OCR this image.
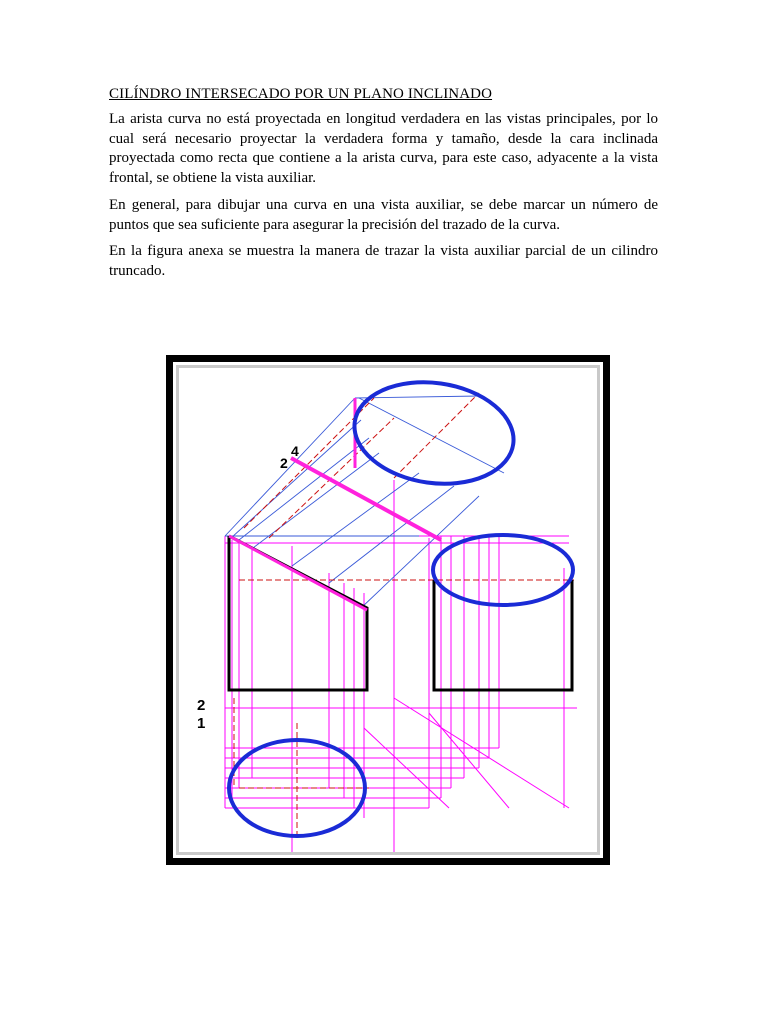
CILÍNDRO INTERSECADO POR UN PLANO INCLINADO

La arista curva no está proyectada en longitud verdadera en las vistas principales, por lo cual será necesario proyectar la verdadera forma y tamaño, desde la cara inclinada proyectada como recta que contiene a la arista curva, para este caso, adyacente a la vista frontal, se obtiene la vista auxiliar.

En general, para dibujar una curva en una vista auxiliar, se debe marcar un número de puntos que sea suficiente para asegurar la precisión del trazado de la curva.

En la figura anexa se muestra la manera de trazar la vista auxiliar parcial de un cilindro truncado.

4
2
2
1
